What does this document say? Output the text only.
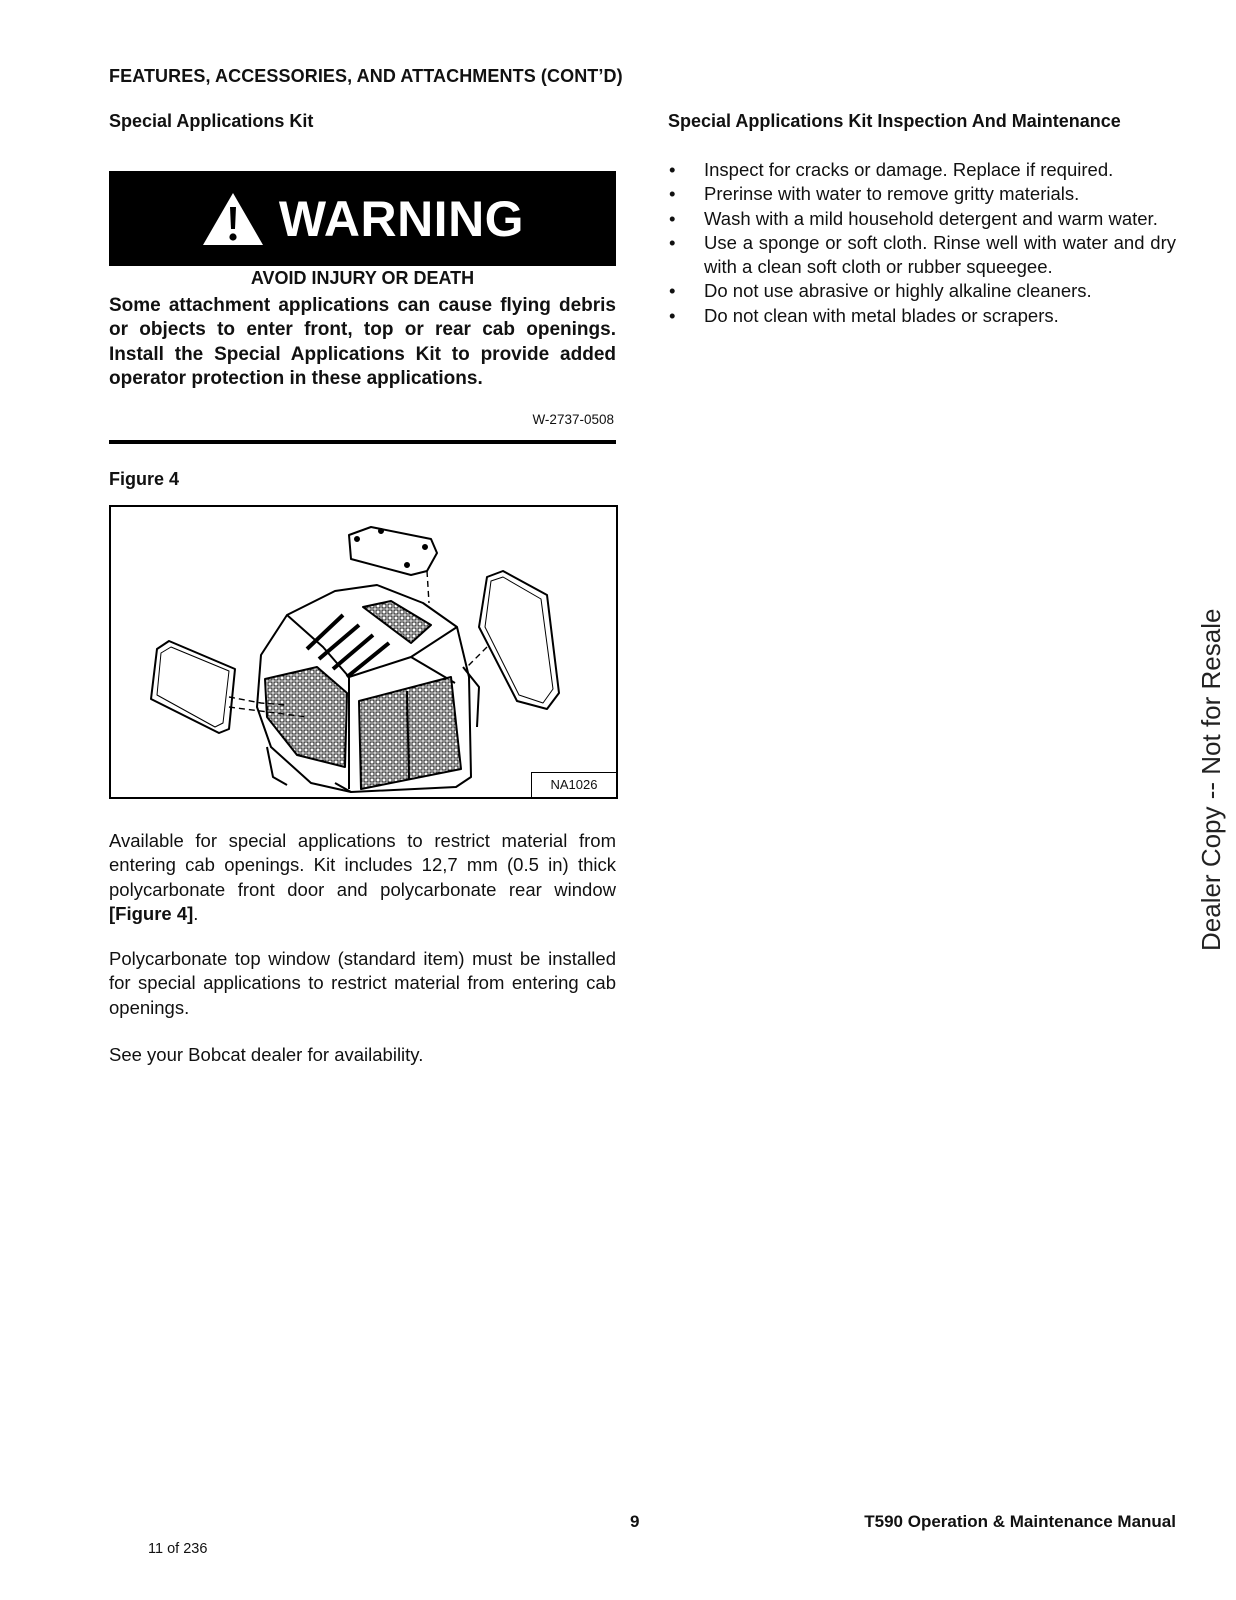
FEATURES, ACCESSORIES, AND ATTACHMENTS (CONT’D)
Special Applications Kit	Special Applications Kit Inspection And Maintenance
WARNING
AVOID INJURY OR DEATH
Some attachment applications can cause flying debris or objects to enter front, top or rear cab openings. Install the Special Applications Kit to provide added operator protection in these applications.
W-2737-0508
Figure 4
NA1026
Available for special applications to restrict material from entering cab openings. Kit includes 12,7 mm (0.5 in) thick polycarbonate front door and polycarbonate rear window [Figure 4].
Polycarbonate top window (standard item) must be installed for special applications to restrict material from entering cab openings.
See your Bobcat dealer for availability.
• Inspect for cracks or damage. Replace if required.
• Prerinse with water to remove gritty materials.
• Wash with a mild household detergent and warm water.
• Use a sponge or soft cloth. Rinse well with water and dry with a clean soft cloth or rubber squeegee.
• Do not use abrasive or highly alkaline cleaners.
• Do not clean with metal blades or scrapers.
Dealer Copy -- Not for Resale
9	T590 Operation & Maintenance Manual
11 of 236
